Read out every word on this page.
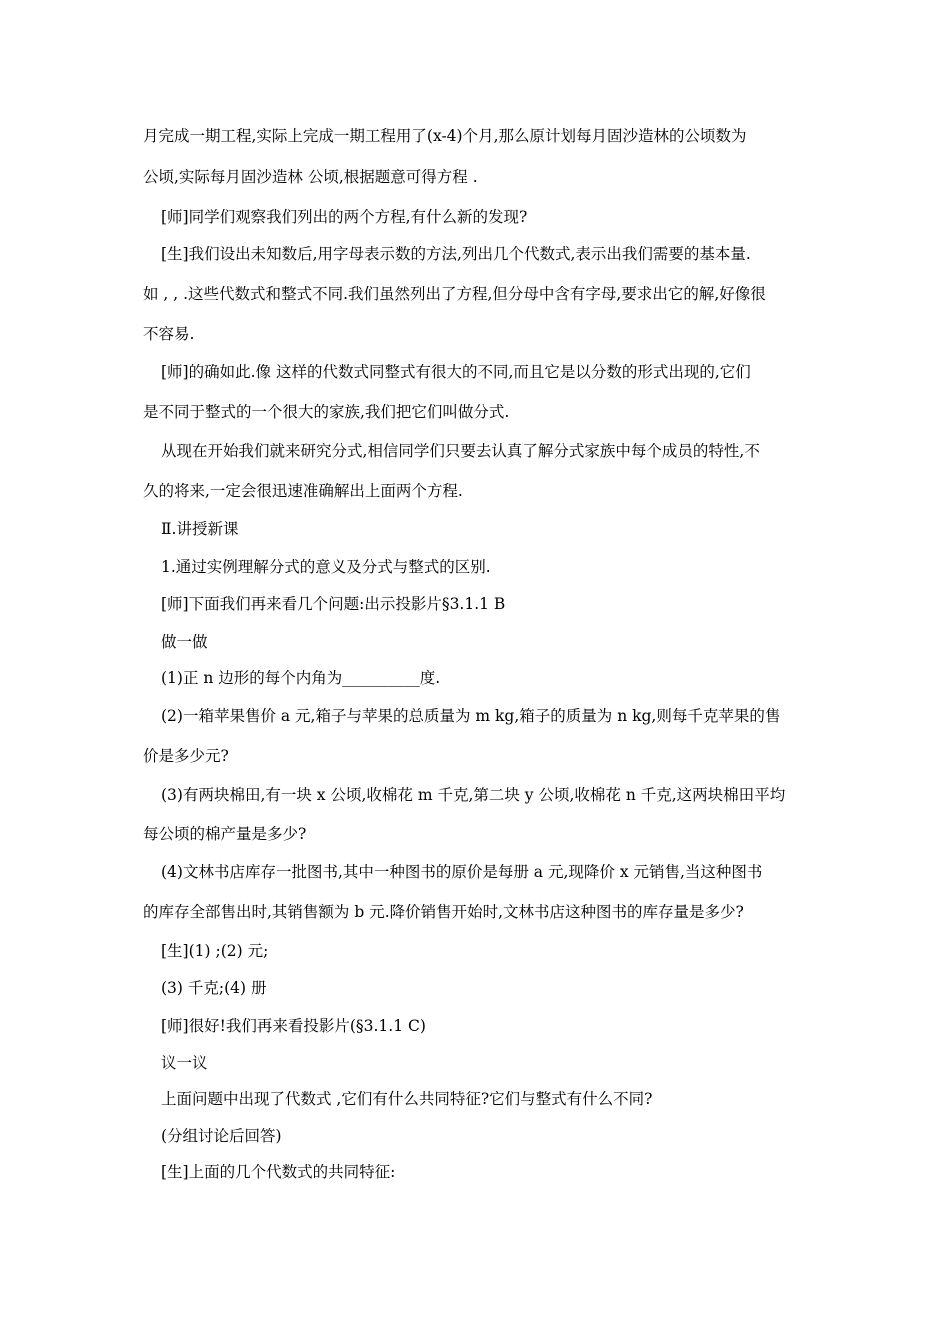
月完成一期工程,实际上完成一期工程用了(x-4)个月,那么原计划每月固沙造林的公顷数为
公顷,实际每月固沙造林 公顷,根据题意可得方程 .
[师]同学们观察我们列出的两个方程,有什么新的发现?
[生]我们设出未知数后,用字母表示数的方法,列出几个代数式,表示出我们需要的基本量.
如 , , .这些代数式和整式不同.我们虽然列出了方程,但分母中含有字母,要求出它的解,好像很
不容易.
[师]的确如此.像 这样的代数式同整式有很大的不同,而且它是以分数的形式出现的,它们
是不同于整式的一个很大的家族,我们把它们叫做分式.
从现在开始我们就来研究分式,相信同学们只要去认真了解分式家族中每个成员的特性,不
久的将来,一定会很迅速准确解出上面两个方程.
Ⅱ.讲授新课
1.通过实例理解分式的意义及分式与整式的区别.
[师]下面我们再来看几个问题:出示投影片§3.1.1 B
做一做
(1)正 n 边形的每个内角为__________度.
(2)一箱苹果售价 a 元,箱子与苹果的总质量为 m kg,箱子的质量为 n kg,则每千克苹果的售
价是多少元?
(3)有两块棉田,有一块 x 公顷,收棉花 m 千克,第二块 y 公顷,收棉花 n 千克,这两块棉田平均
每公顷的棉产量是多少?
(4)文林书店库存一批图书,其中一种图书的原价是每册 a 元,现降价 x 元销售,当这种图书
的库存全部售出时,其销售额为 b 元.降价销售开始时,文林书店这种图书的库存量是多少?
[生](1) ;(2) 元;
(3) 千克;(4) 册
[师]很好!我们再来看投影片(§3.1.1 C)
议一议
上面问题中出现了代数式 ,它们有什么共同特征?它们与整式有什么不同?
(分组讨论后回答)
[生]上面的几个代数式的共同特征:
